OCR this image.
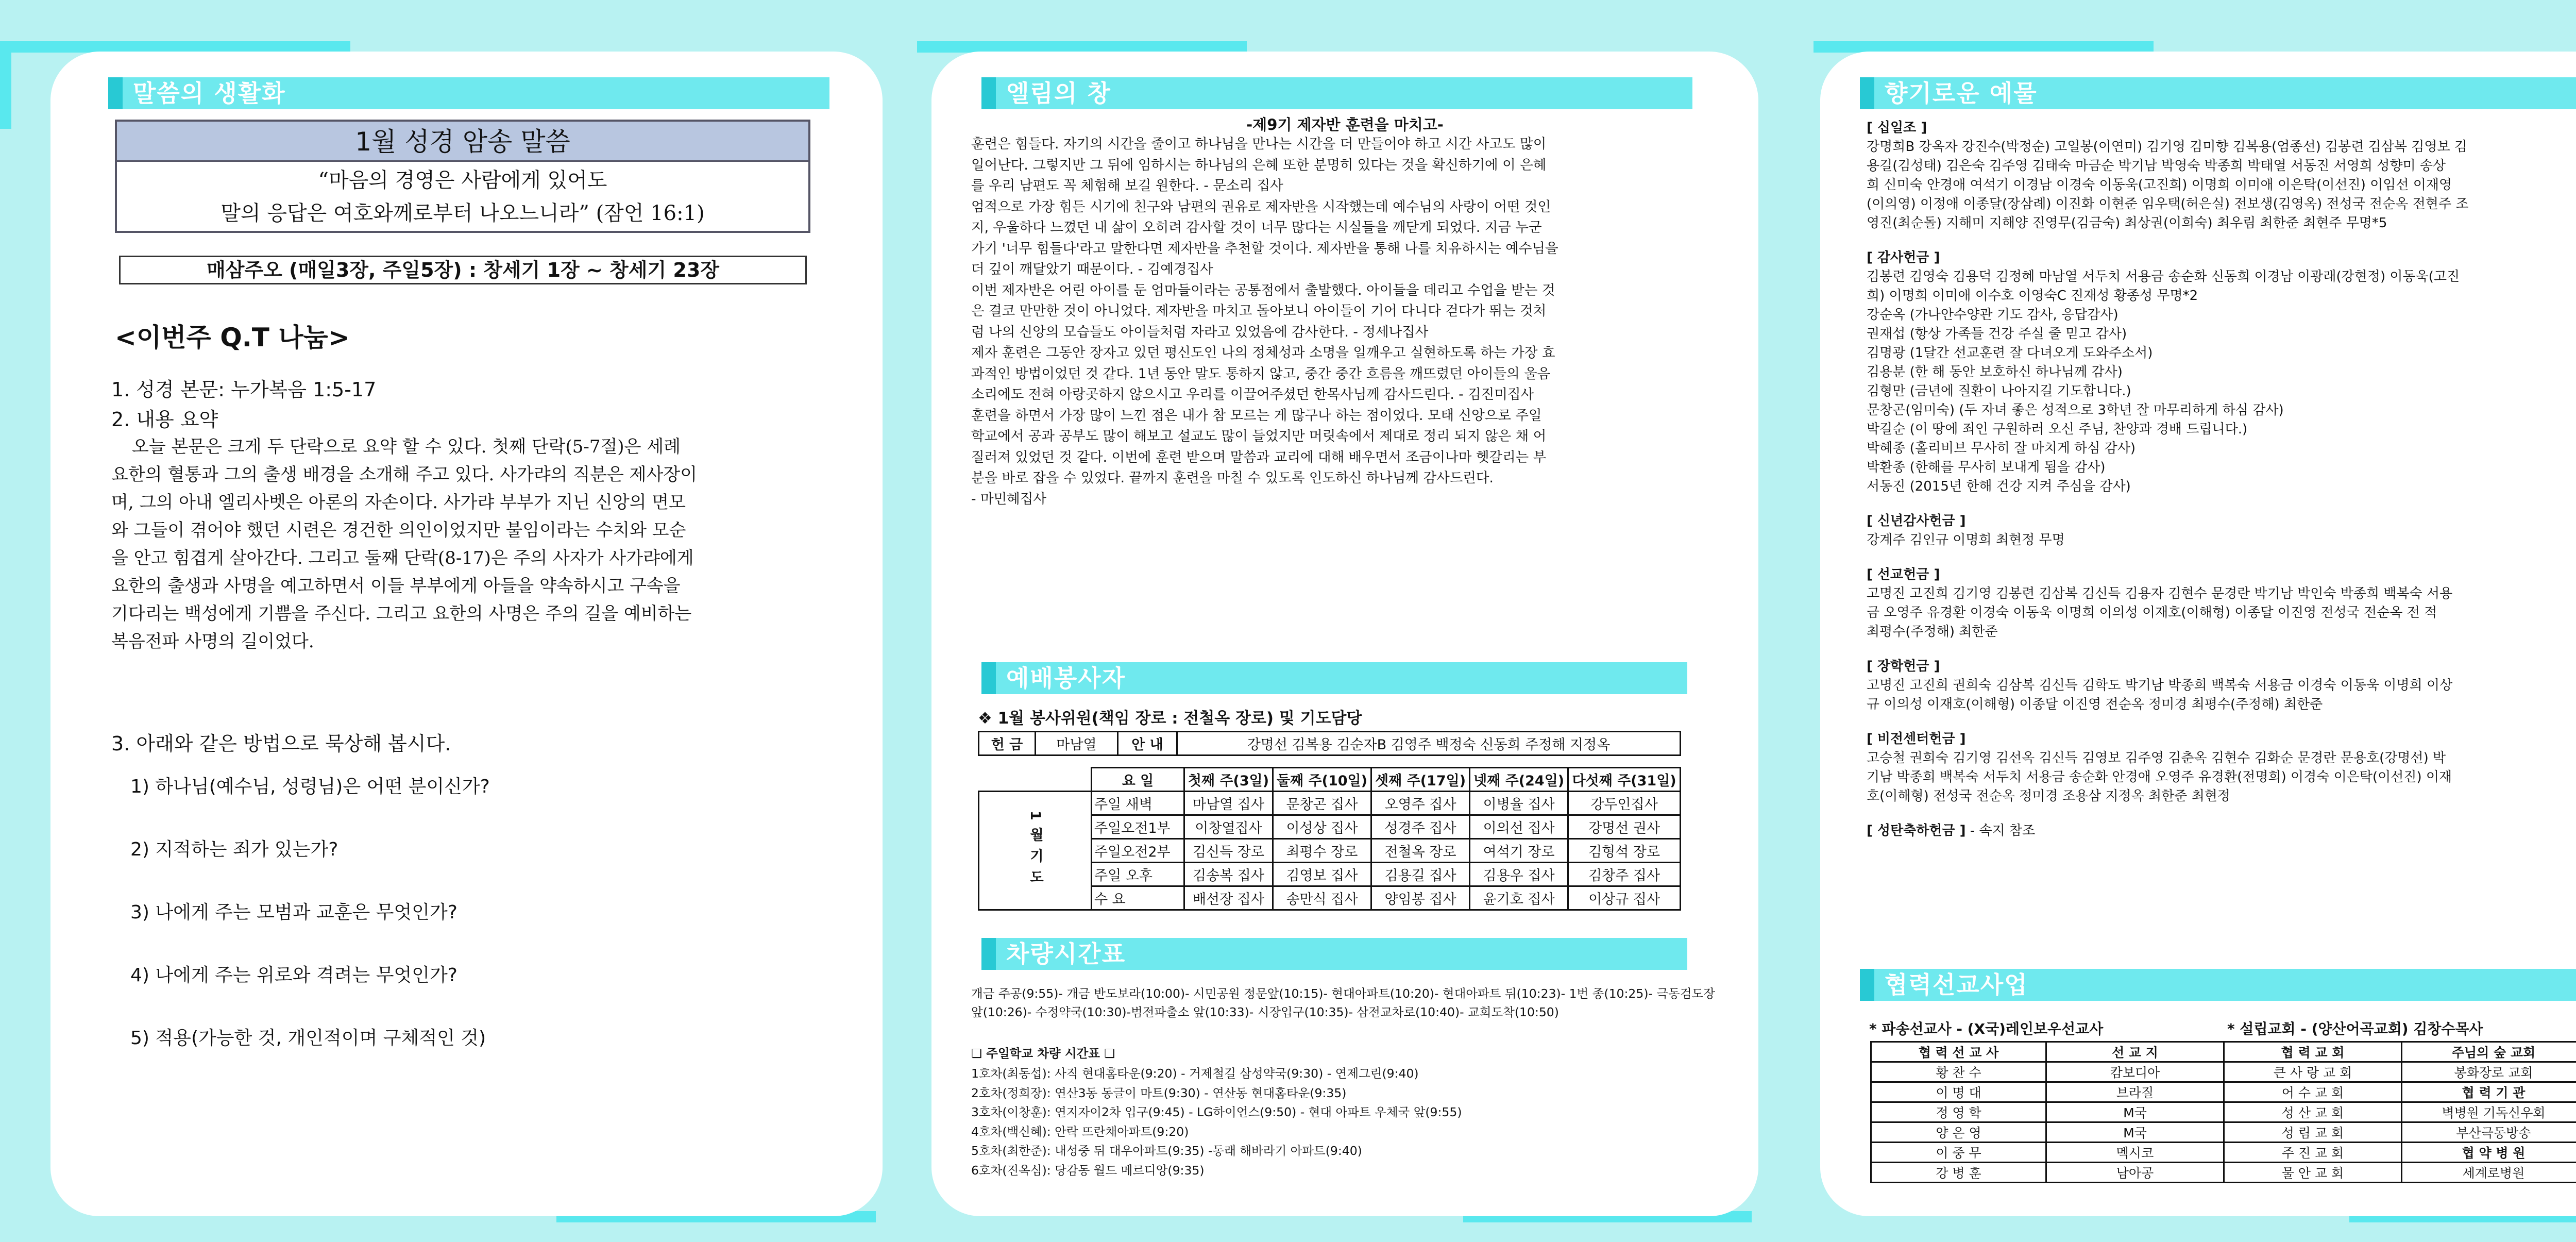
말씀의 생활화
1월 성경 암송 말씀
“마음의 경영은 사람에게 있어도
말의 응답은 여호와께로부터 나오느니라” (잠언 16:1)
매삼주오 (매일3장, 주일5장) : 창세기 1장 ~ 창세기 23장
<이번주 Q.T 나눔>
1. 성경 본문: 누가복음 1:5-17
2. 내용 요약
오늘 본문은 크게 두 단락으로 요약 할 수 있다. 첫째 단락(5-7절)은 세례
요한의 혈통과 그의 출생 배경을 소개해 주고 있다. 사가랴의 직분은 제사장이
며, 그의 아내 엘리사벳은 아론의 자손이다. 사가랴 부부가 지닌 신앙의 면모
와 그들이 겪어야 했던 시련은 경건한 의인이었지만 불임이라는 수치와 모순
을 안고 힘겹게 살아간다. 그리고 둘째 단락(8-17)은 주의 사자가 사가랴에게
요한의 출생과 사명을 예고하면서 이들 부부에게 아들을 약속하시고 구속을
기다리는 백성에게 기쁨을 주신다. 그리고 요한의 사명은 주의 길을 예비하는
복음전파 사명의 길이었다.
3. 아래와 같은 방법으로 묵상해 봅시다.
1) 하나님(예수님, 성령님)은 어떤 분이신가?
2) 지적하는 죄가 있는가?
3) 나에게 주는 모범과 교훈은 무엇인가?
4) 나에게 주는 위로와 격려는 무엇인가?
5) 적용(가능한 것, 개인적이며 구체적인 것)
엘림의 창
-제9기 제자반 훈련을 마치고-
훈련은 힘들다. 자기의 시간을 줄이고 하나님을 만나는 시간을 더 만들어야 하고 시간 사고도 많이
일어난다. 그렇지만 그 뒤에 임하시는 하나님의 은혜 또한 분명히 있다는 것을 확신하기에 이 은혜
를 우리 남편도 꼭 체험해 보길 원한다. - 문소리 집사
엄적으로 가장 힘든 시기에 친구와 남편의 권유로 제자반을 시작했는데 예수님의 사랑이 어떤 것인
지, 우울하다 느꼈던 내 삶이 오히려 감사할 것이 너무 많다는 시실들을 깨닫게 되었다. 지금 누군
가기 '너무 힘들다'라고 말한다면 제자반을 추천할 것이다. 제자반을 통해 나를 치유하시는 예수님을
더 깊이 깨달았기 때문이다. - 김예경집사
이번 제자반은 어린 아이를 둔 엄마들이라는 공통점에서 출발했다. 아이들을 데리고 수업을 받는 것
은 결코 만만한 것이 아니었다. 제자반을 마치고 돌아보니 아이들이 기어 다니다 걷다가 뛰는 것처
럼 나의 신앙의 모습들도 아이들처럼 자라고 있었음에 감사한다. - 정세나집사
제자 훈련은 그동안 장자고 있던 평신도인 나의 정체성과 소명을 일깨우고 실현하도록 하는 가장 효
과적인 방법이었던 것 같다. 1년 동안 말도 통하지 않고, 중간 중간 흐름을 깨뜨렸던 아이들의 울음
소리에도 전혀 아랑곳하지 않으시고 우리를 이끌어주셨던 한목사님께 감사드린다. - 김진미집사
훈련을 하면서 가장 많이 느낀 점은 내가 참 모르는 게 많구나 하는 점이었다. 모태 신앙으로 주일
학교에서 공과 공부도 많이 해보고 설교도 많이 들었지만 머릿속에서 제대로 정리 되지 않은 채 어
질러져 있었던 것 같다. 이번에 훈련 받으며 말씀과 교리에 대해 배우면서 조금이나마 헷갈리는 부
분을 바로 잡을 수 있었다. 끝까지 훈련을 마칠 수 있도록 인도하신 하나님께 감사드린다.
- 마민혜집사
예배봉사자
❖ 1월 봉사위원(책임 장로 : 전철옥 장로) 및 기도담당
헌 금	마남열	안 내	강명선 김복용 김순자B 김영주 백정숙 신동희 주정해 지정옥
	요 일	첫째 주(3일)	둘째 주(10일)	셋째 주(17일)	넷째 주(24일)	다섯째 주(31일)
1월기도	주일 새벽	마남열 집사	문창곤 집사	오영주 집사	이병율 집사	강두인집사
	주일오전1부	이창열집사	이성상 집사	성경주 집사	이의선 집사	강명선 권사
	주일오전2부	김신득 장로	최평수 장로	전철옥 장로	여석기 장로	김형석 장로
	주일 오후	김송복 집사	김영보 집사	김용길 집사	김용우 집사	김창주 집사
	수 요	배선장 집사	송만식 집사	양임봉 집사	윤기호 집사	이상규 집사
차량시간표
개금 주공(9:55)- 개금 반도보라(10:00)- 시민공원 정문앞(10:15)- 현대아파트(10:20)- 현대아파트 뒤(10:23)- 1번 종(10:25)- 극동검도장 앞(10:26)- 수정약국(10:30)-범전파출소 앞(10:33)- 시장입구(10:35)- 삼전교차로(10:40)- 교회도착(10:50)
❏ 주일학교 차량 시간표 ❏
1호차(최동섭): 사직 현대홈타운(9:20) - 거제철길 삼성약국(9:30) - 연제그린(9:40)
2호차(정희장): 연산3동 동글이 마트(9:30) - 연산동 현대홈타운(9:35)
3호차(이창훈): 연지자이2차 입구(9:45) - LG하이언스(9:50) - 현대 아파트 우체국 앞(9:55)
4호차(백신혜): 안락 뜨란채아파트(9:20)
5호차(최한준): 내성중 뒤 대우아파트(9:35) -동래 해바라기 아파트(9:40)
6호차(진옥심): 당감동 월드 메르디앙(9:35)
향기로운 예물
[ 십일조 ]
강명희B 강옥자 강진수(박정순) 고일봉(이연미) 김기영 김미향 김복용(엄종선) 김봉련 김삼복 김영보 김
용길(김성태) 김은숙 김주영 김태숙 마금순 박기남 박영숙 박종희 박태열 서동진 서영희 성향미 송상
희 신미숙 안경애 여석기 이경남 이경숙 이동욱(고진희) 이명희 이미애 이은탁(이선진) 이임선 이재영
(이의영) 이정애 이종달(장삼례) 이진화 이현준 임우택(허은실) 전보생(김영옥) 전성국 전순옥 전현주 조
영진(최순돌) 지해미 지해양 진영무(김금숙) 최상권(이희숙) 최우림 최한준 최현주 무명*5
[ 감사헌금 ]
김봉련 김영숙 김용덕 김정혜 마남열 서두치 서용금 송순화 신동희 이경남 이광래(강현정) 이동욱(고진
희) 이명희 이미애 이수호 이영숙C 진재성 황종성 무명*2
강순옥 (가나안수양관 기도 감사, 응답감사)
권재섭 (항상 가족들 건강 주실 줄 믿고 감사)
김명광 (1달간 선교훈련 잘 다녀오게 도와주소서)
김용분 (한 해 동안 보호하신 하나님께 감사)
김형만 (금년에 질환이 나아지길 기도합니다.)
문창곤(임미숙) (두 자녀 좋은 성적으로 3학년 잘 마무리하게 하심 감사)
박길순 (이 땅에 죄인 구원하러 오신 주님, 찬양과 경배 드립니다.)
박혜종 (홀리비브 무사히 잘 마치게 하심 감사)
박환종 (한해를 무사히 보내게 됨을 감사)
서동진 (2015년 한해 건강 지켜 주심을 감사)
[ 신년감사헌금 ]
강계주 김인규 이명희 최현정 무명
[ 선교헌금 ]
고명진 고진희 김기영 김봉련 김삼복 김신득 김용자 김현수 문경란 박기남 박인숙 박종희 백복숙 서용
금 오영주 유경환 이경숙 이동욱 이명희 이의성 이재호(이해형) 이종달 이진영 전성국 전순옥 전 적
최평수(주정해) 최한준
[ 장학헌금 ]
고명진 고진희 권희숙 김삼복 김신득 김학도 박기남 박종희 백복숙 서용금 이경숙 이동욱 이명희 이상
규 이의성 이재호(이해형) 이종달 이진영 전순옥 정미경 최평수(주정해) 최한준
[ 비전센터헌금 ]
고승철 권희숙 김기영 김선옥 김신득 김영보 김주영 김춘옥 김현수 김화순 문경란 문용호(강명선) 박
기남 박종희 백복숙 서두치 서용금 송순화 안경애 오영주 유경환(전명희) 이경숙 이은탁(이선진) 이재
호(이해형) 전성국 전순옥 정미경 조용삼 지정옥 최한준 최현정
[ 성탄축하헌금 ] - 속지 참조
협력선교사업
* 파송선교사 - (X국)레인보우선교사	* 설립교회 - (양산어곡교회) 김창수목사
협 력 선 교 사	선 교 지	협 력 교 회	주님의 숲 교회
황 찬 수	캄보디아	큰 사 랑 교 회	봉화장로 교회
이 명 대	브라질	어 수 교 회	협 력 기 관
정 영 학	M국	성 산 교 회	벽병원 기독신우회
양 은 영	M국	성 림 교 회	부산극동방송
이 중 무	멕시코	주 진 교 회	협 약 병 원
강 병 훈	남아공	물 안 교 회	세계로병원
